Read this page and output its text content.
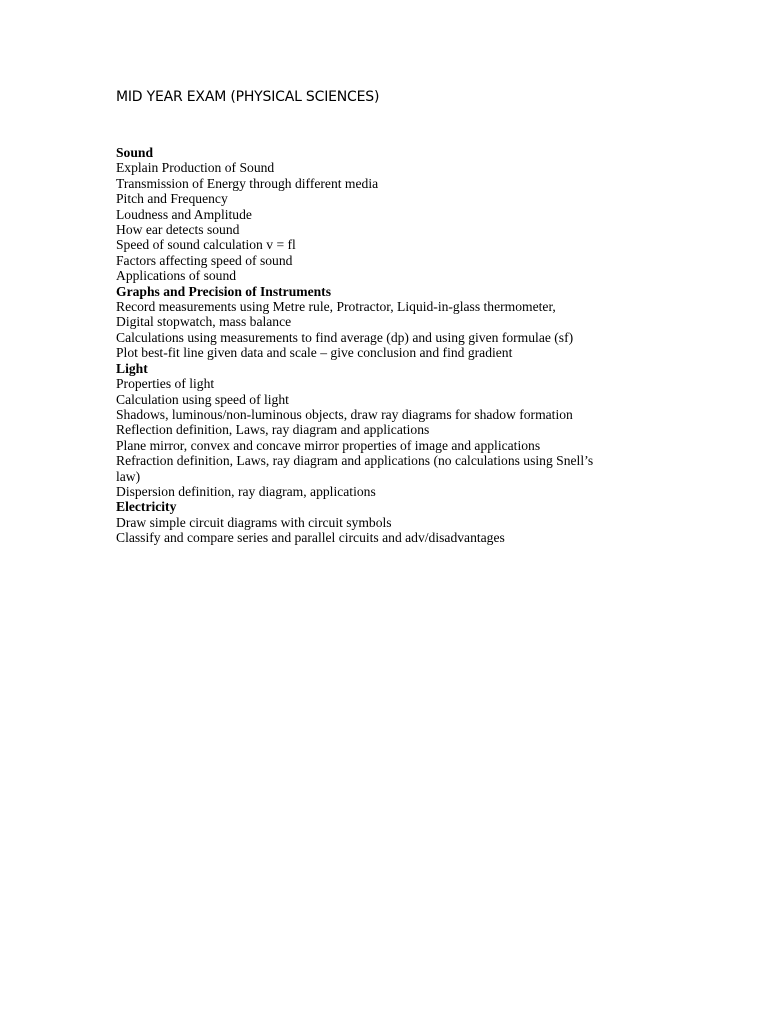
MID YEAR EXAM (PHYSICAL SCIENCES)
Sound
Explain Production of Sound
Transmission of Energy through different media
Pitch and Frequency
Loudness and Amplitude
How ear detects sound
Speed of sound calculation v = fl
Factors affecting speed of sound
Applications of sound
Graphs and Precision of Instruments
Record measurements using Metre rule, Protractor, Liquid-in-glass thermometer, Digital stopwatch, mass balance
Calculations using measurements to find average (dp) and using given formulae (sf)
Plot best-fit line given data and scale – give conclusion and find gradient
Light
Properties of light
Calculation using speed of light
Shadows, luminous/non-luminous objects, draw ray diagrams for shadow formation
Reflection definition, Laws, ray diagram and applications
Plane mirror, convex and concave mirror properties of image and applications
Refraction definition, Laws, ray diagram and applications (no calculations using Snell’s law)
Dispersion definition, ray diagram, applications
Electricity
Draw simple circuit diagrams with circuit symbols
Classify and compare series and parallel circuits and adv/disadvantages
